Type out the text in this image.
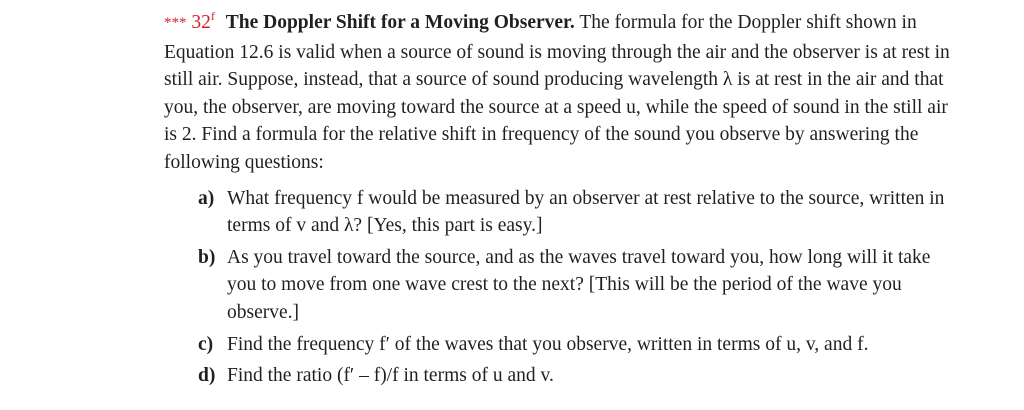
*** 32$^f$ The Doppler Shift for a Moving Observer. The formula for the Doppler shift shown in Equation 12.6 is valid when a source of sound is moving through the air and the observer is at rest in still air. Suppose, instead, that a source of sound producing wavelength λ is at rest in the air and that you, the observer, are moving toward the source at a speed u, while the speed of sound in the still air is 2. Find a formula for the relative shift in frequency of the sound you observe by answering the following questions:

a) What frequency f would be measured by an observer at rest relative to the source, written in terms of v and λ? [Yes, this part is easy.]
b) As you travel toward the source, and as the waves travel toward you, how long will it take you to move from one wave crest to the next? [This will be the period of the wave you observe.]
c) Find the frequency f′ of the waves that you observe, written in terms of u, v, and f.
d) Find the ratio (f′ – f)/f in terms of u and v.
